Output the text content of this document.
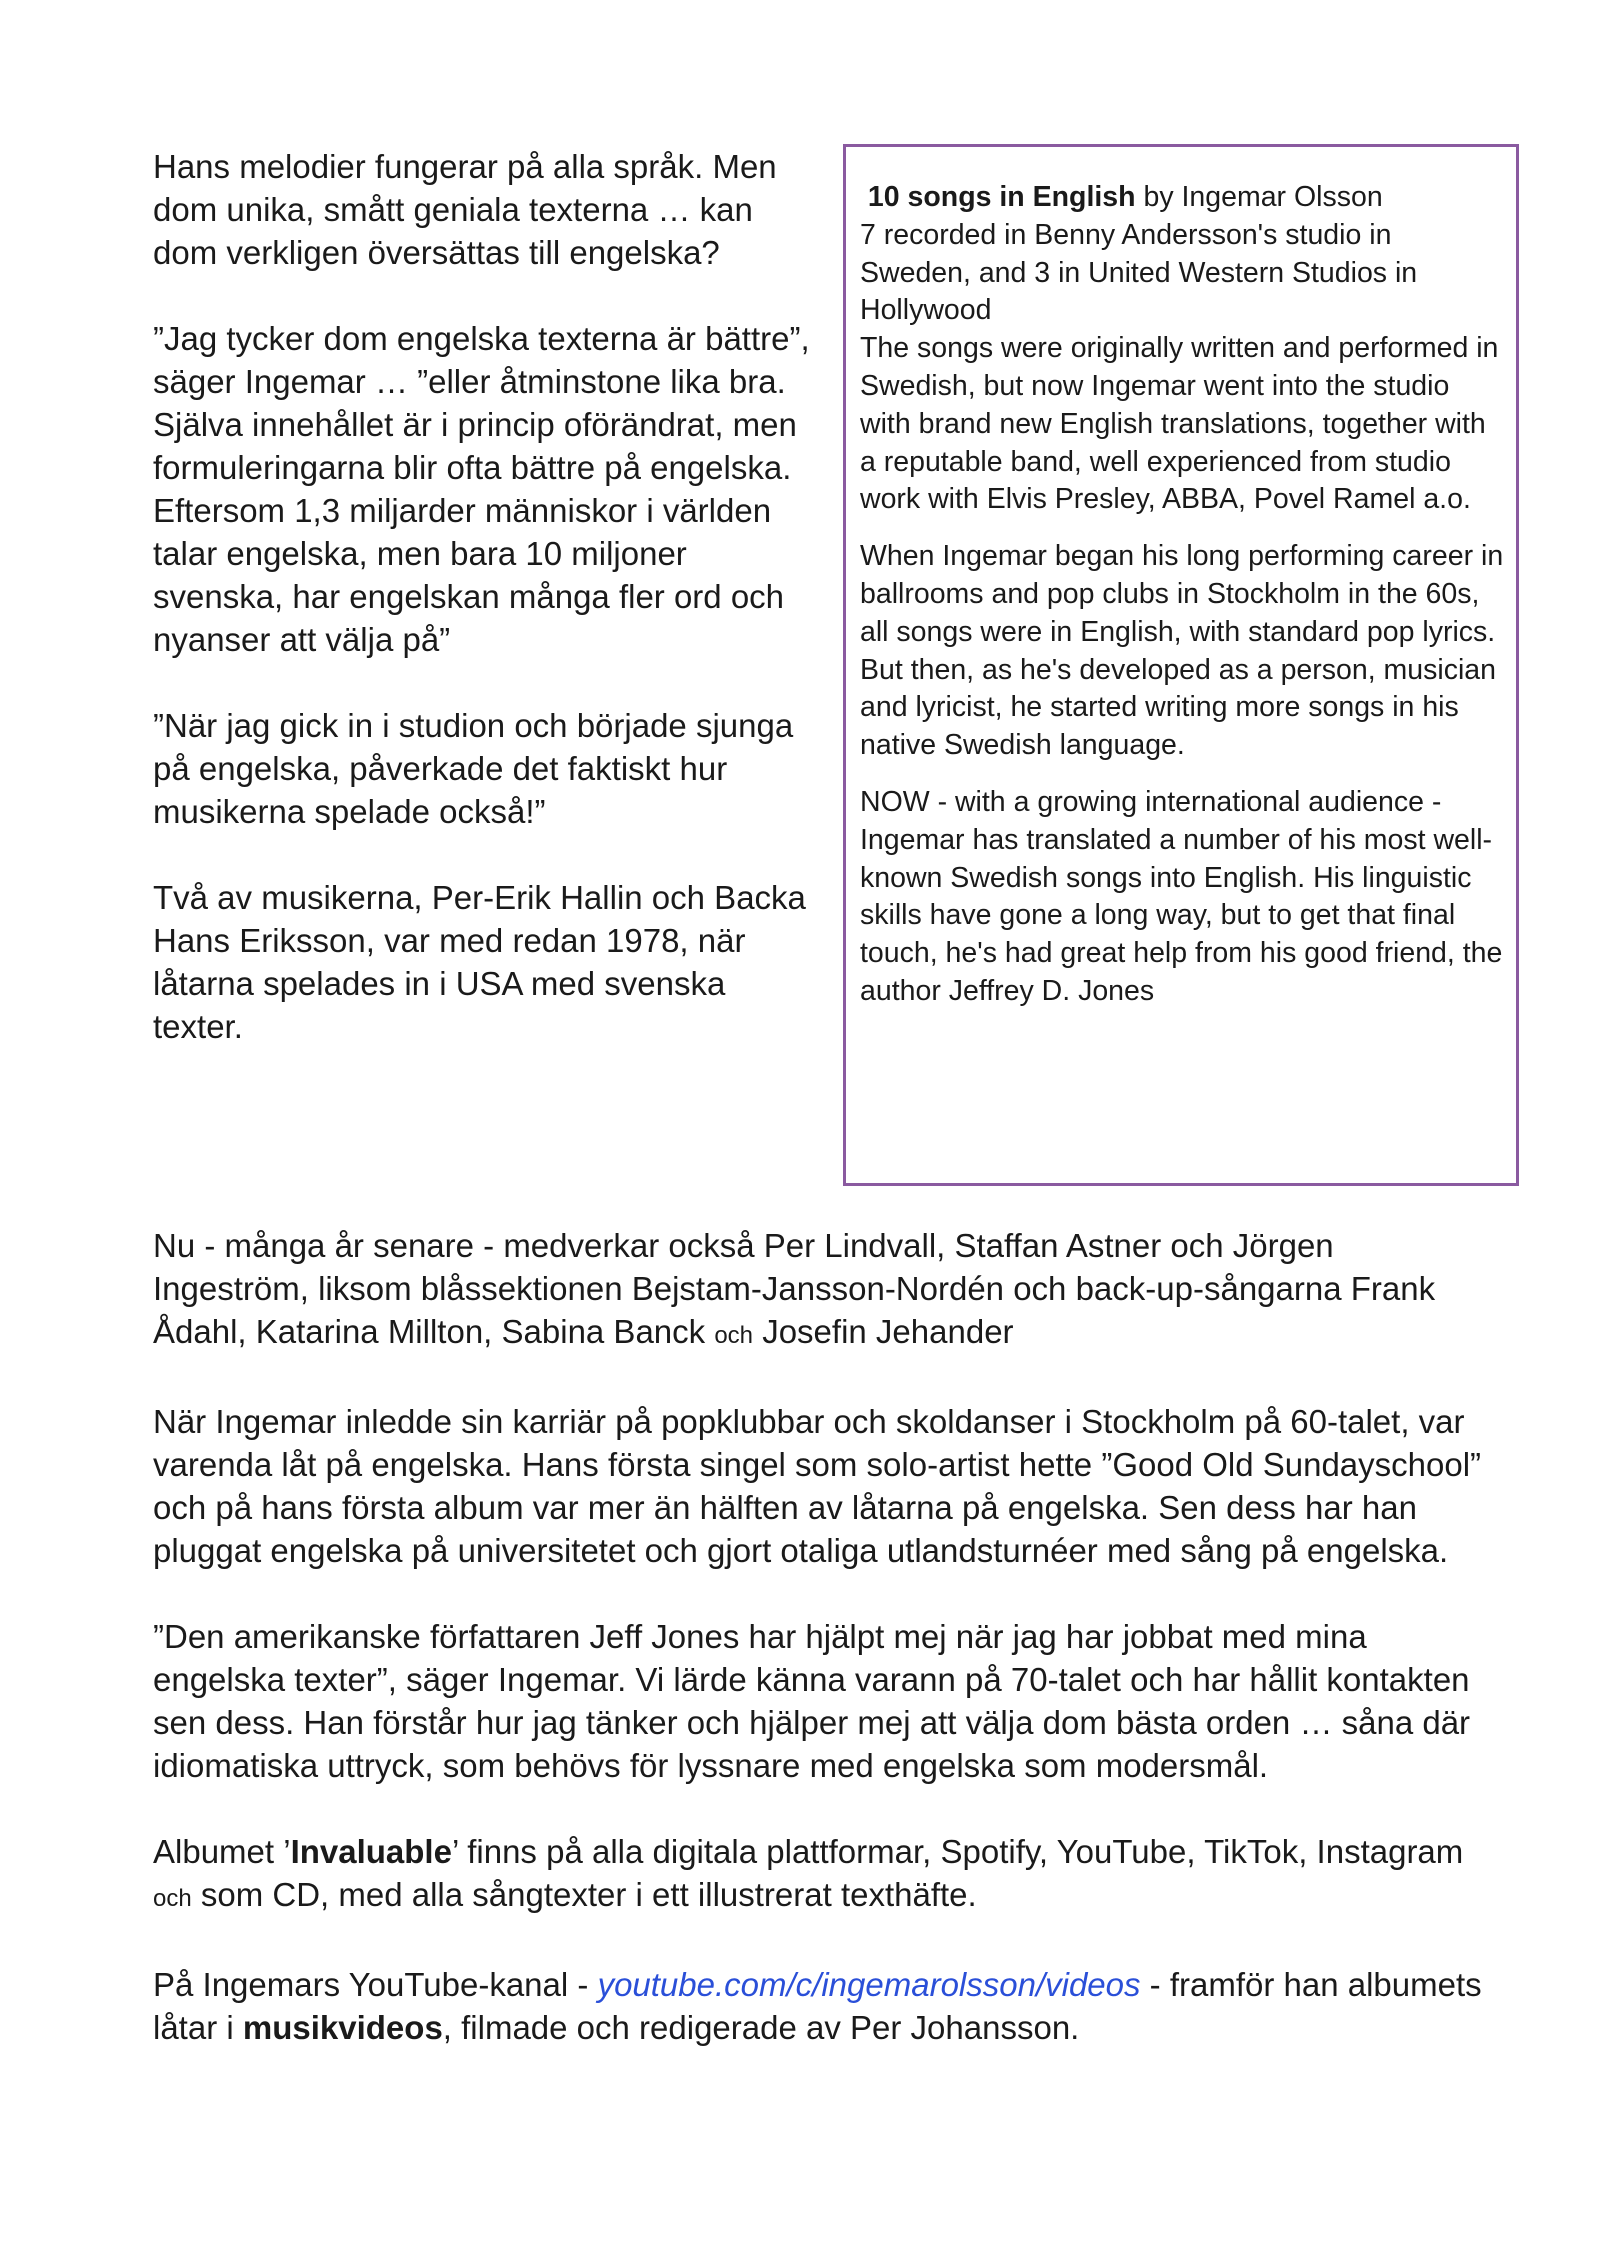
Hans melodier fungerar på alla språk. Men dom unika, smått geniala texterna … kan dom verkligen översättas till engelska?

”Jag tycker dom engelska texterna är bättre”, säger Ingemar … ”eller åtminstone lika bra. Själva innehållet är i princip oförändrat, men formuleringarna blir ofta bättre på engelska. Eftersom 1,3 miljarder människor i världen talar engelska, men bara 10 miljoner svenska, har engelskan många fler ord och nyanser att välja på”

”När jag gick in i studion och började sjunga på engelska, påverkade det faktiskt hur musikerna spelade också!”

Två av musikerna, Per-Erik Hallin och Backa Hans Eriksson, var med redan 1978, när låtarna spelades in i USA med svenska texter.

10 songs in English by Ingemar Olsson
7 recorded in Benny Andersson's studio in Sweden, and 3 in United Western Studios in Hollywood
The songs were originally written and performed in Swedish, but now Ingemar went into the studio with brand new English translations, together with a reputable band, well experienced from studio work with Elvis Presley, ABBA, Povel Ramel a.o.

When Ingemar began his long performing career in ballrooms and pop clubs in Stockholm in the 60s, all songs were in English, with standard pop lyrics.
But then, as he's developed as a person, musician and lyricist, he started writing more songs in his native Swedish language.

NOW - with a growing international audience - Ingemar has translated a number of his most well-known Swedish songs into English. His linguistic skills have gone a long way, but to get that final touch, he's had great help from his good friend, the author Jeffrey D. Jones

Nu - många år senare - medverkar också Per Lindvall, Staffan Astner och Jörgen Ingeström, liksom blåssektionen Bejstam-Jansson-Nordén och back-up-sångarna Frank Ådahl, Katarina Millton, Sabina Banck och Josefin Jehander

När Ingemar inledde sin karriär på popklubbar och skoldanser i Stockholm på 60-talet, var varenda låt på engelska. Hans första singel som solo-artist hette ”Good Old Sundayschool” och på hans första album var mer än hälften av låtarna på engelska. Sen dess har han pluggat engelska på universitetet och gjort otaliga utlandsturnéer med sång på engelska.

”Den amerikanske författaren Jeff Jones har hjälpt mej när jag har jobbat med mina engelska texter”, säger Ingemar. Vi lärde känna varann på 70-talet och har hållit kontakten sen dess. Han förstår hur jag tänker och hjälper mej att välja dom bästa orden … såna där idiomatiska uttryck, som behövs för lyssnare med engelska som modersmål.

Albumet ’Invaluable’ finns på alla digitala plattformar, Spotify, YouTube, TikTok, Instagram och som CD, med alla sångtexter i ett illustrerat texthäfte.

På Ingemars YouTube-kanal - youtube.com/c/ingemarolsson/videos - framför han albumets låtar i musikvideos, filmade och redigerade av Per Johansson.
